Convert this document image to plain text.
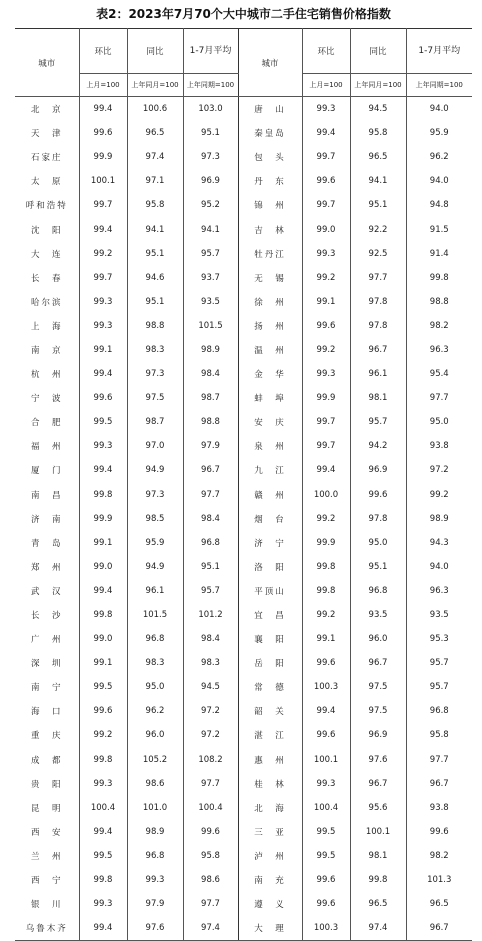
表2：2023年7月70个大中城市二手住宅销售价格指数
城市	环比	同比	1-7月平均	城市	环比	同比	1-7月平均
	上月=100	上年同月=100	上年同期=100		上月=100	上年同月=100	上年同期=100
北　京	99.4	100.6	103.0	唐　山	99.3	94.5	94.0
天　津	99.6	96.5	95.1	秦皇岛	99.4	95.8	95.9
石家庄	99.9	97.4	97.3	包　头	99.7	96.5	96.2
太　原	100.1	97.1	96.9	丹　东	99.6	94.1	94.0
呼和浩特	99.7	95.8	95.2	锦　州	99.7	95.1	94.8
沈　阳	99.4	94.1	94.1	吉　林	99.0	92.2	91.5
大　连	99.2	95.1	95.7	牡丹江	99.3	92.5	91.4
长　春	99.7	94.6	93.7	无　锡	99.2	97.7	99.8
哈尔滨	99.3	95.1	93.5	徐　州	99.1	97.8	98.8
上　海	99.3	98.8	101.5	扬　州	99.6	97.8	98.2
南　京	99.1	98.3	98.9	温　州	99.2	96.7	96.3
杭　州	99.4	97.3	98.4	金　华	99.3	96.1	95.4
宁　波	99.6	97.5	98.7	蚌　埠	99.9	98.1	97.7
合　肥	99.5	98.7	98.8	安　庆	99.7	95.7	95.0
福　州	99.3	97.0	97.9	泉　州	99.7	94.2	93.8
厦　门	99.4	94.9	96.7	九　江	99.4	96.9	97.2
南　昌	99.8	97.3	97.7	赣　州	100.0	99.6	99.2
济　南	99.9	98.5	98.4	烟　台	99.2	97.8	98.9
青　岛	99.1	95.9	96.8	济　宁	99.9	95.0	94.3
郑　州	99.0	94.9	95.1	洛　阳	99.8	95.1	94.0
武　汉	99.4	96.1	95.7	平顶山	99.8	96.8	96.3
长　沙	99.8	101.5	101.2	宜　昌	99.2	93.5	93.5
广　州	99.0	96.8	98.4	襄　阳	99.1	96.0	95.3
深　圳	99.1	98.3	98.3	岳　阳	99.6	96.7	95.7
南　宁	99.5	95.0	94.5	常　德	100.3	97.5	95.7
海　口	99.6	96.2	97.2	韶　关	99.4	97.5	96.8
重　庆	99.2	96.0	97.2	湛　江	99.6	96.9	95.8
成　都	99.8	105.2	108.2	惠　州	100.1	97.6	97.7
贵　阳	99.3	98.6	97.7	桂　林	99.3	96.7	96.7
昆　明	100.4	101.0	100.4	北　海	100.4	95.6	93.8
西　安	99.4	98.9	99.6	三　亚	99.5	100.1	99.6
兰　州	99.5	96.8	95.8	泸　州	99.5	98.1	98.2
西　宁	99.8	99.3	98.6	南　充	99.6	99.8	101.3
银　川	99.3	97.9	97.7	遵　义	99.6	96.5	96.5
乌鲁木齐	99.4	97.6	97.4	大　理	100.3	97.4	96.7
